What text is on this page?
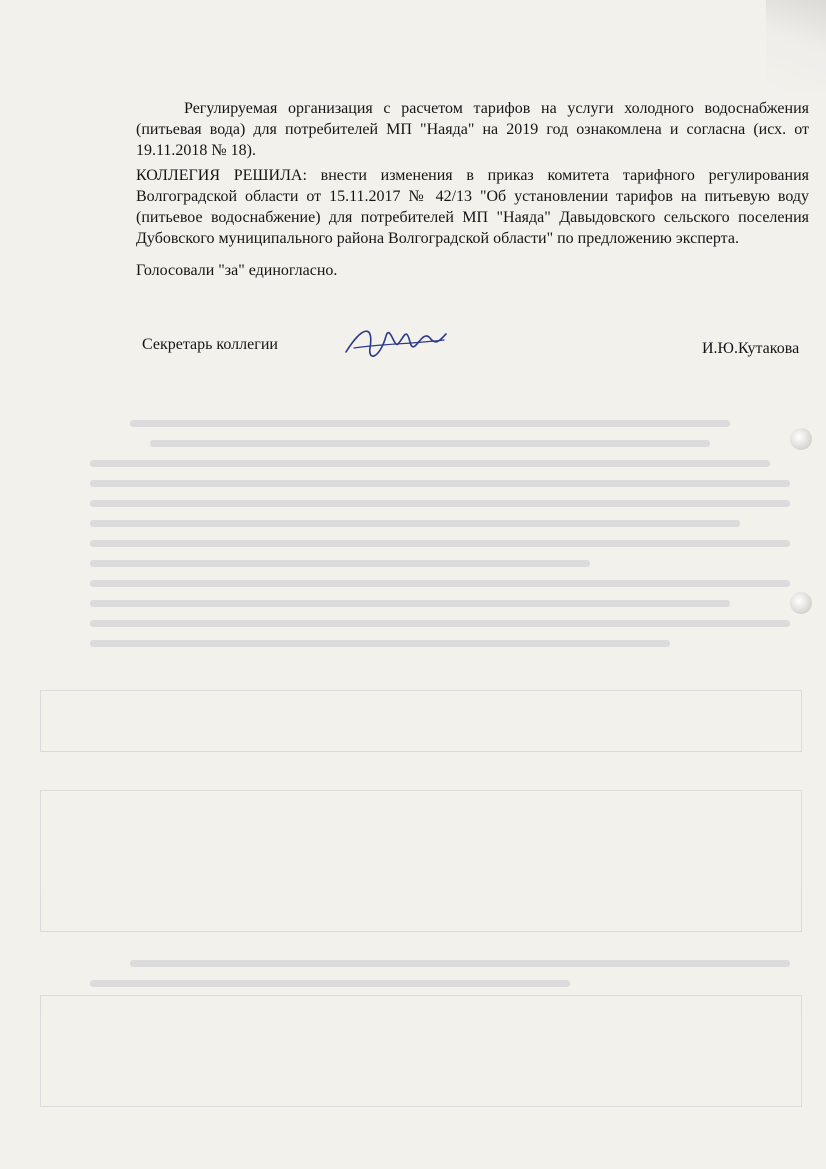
Регулируемая организация с расчетом тарифов на услуги холодного водоснабжения (питьевая вода) для потребителей МП "Наяда" на 2019 год ознакомлена и согласна (исх. от 19.11.2018 № 18).

КОЛЛЕГИЯ РЕШИЛА: внести изменения в приказ комитета тарифного регулирования Волгоградской области от 15.11.2017 № 42/13 "Об установлении тарифов на питьевую воду (питьевое водоснабжение) для потребителей МП "Наяда" Давыдовского сельского поселения Дубовского муниципального района Волгоградской области" по предложению эксперта.

Голосовали "за" единогласно.

Секретарь коллегии	И.Ю.Кутакова
